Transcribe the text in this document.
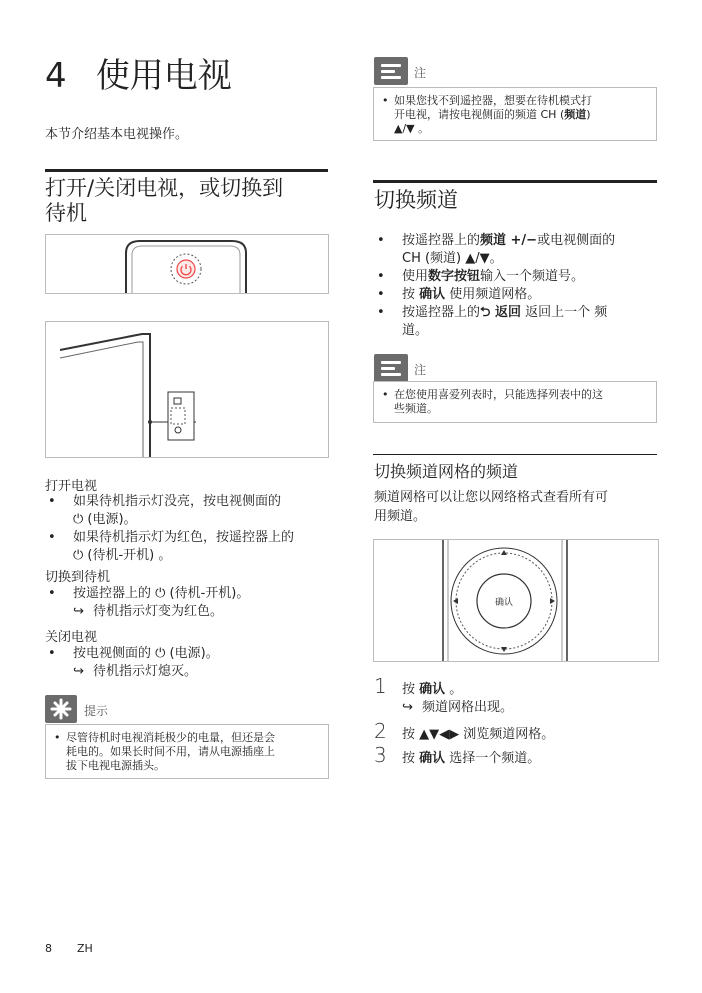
4 使用电视
本节介绍基本电视操作。
打开/关闭电视，或切换到
待机
打开电视
• 如果待机指示灯没亮，按电视侧面的
⏻ (电源)。
• 如果待机指示灯为红色，按遥控器上的
⏻ (待机-开机) 。
切换到待机
• 按遥控器上的 ⏻ (待机-开机)。
↪ 待机指示灯变为红色。
关闭电视
• 按电视侧面的 ⏻ (电源)。
↪ 待机指示灯熄灭。
提示
• 尽管待机时电视消耗极少的电量，但还是会
耗电的。如果长时间不用，请从电源插座上
拔下电视电源插头。
注
• 如果您找不到遥控器，想要在待机模式打
开电视，请按电视侧面的频道 CH (频道)
▲/▼ 。
切换频道
• 按遥控器上的频道 +/−或电视侧面的
CH (频道) ▲/▼。
• 使用数字按钮输入一个频道号。
• 按 确认 使用频道网格。
• 按遥控器上的⮌ 返回 返回上一个 频
道。
注
• 在您使用喜爱列表时，只能选择列表中的这
些频道。
切换频道网格的频道
频道网格可以让您以网络格式查看所有可
用频道。
确认
1	按 确认 。
↪ 频道网格出现。
2	按 ▲▼◀▶ 浏览频道网格。
3	按 确认 选择一个频道。
8 ZH
